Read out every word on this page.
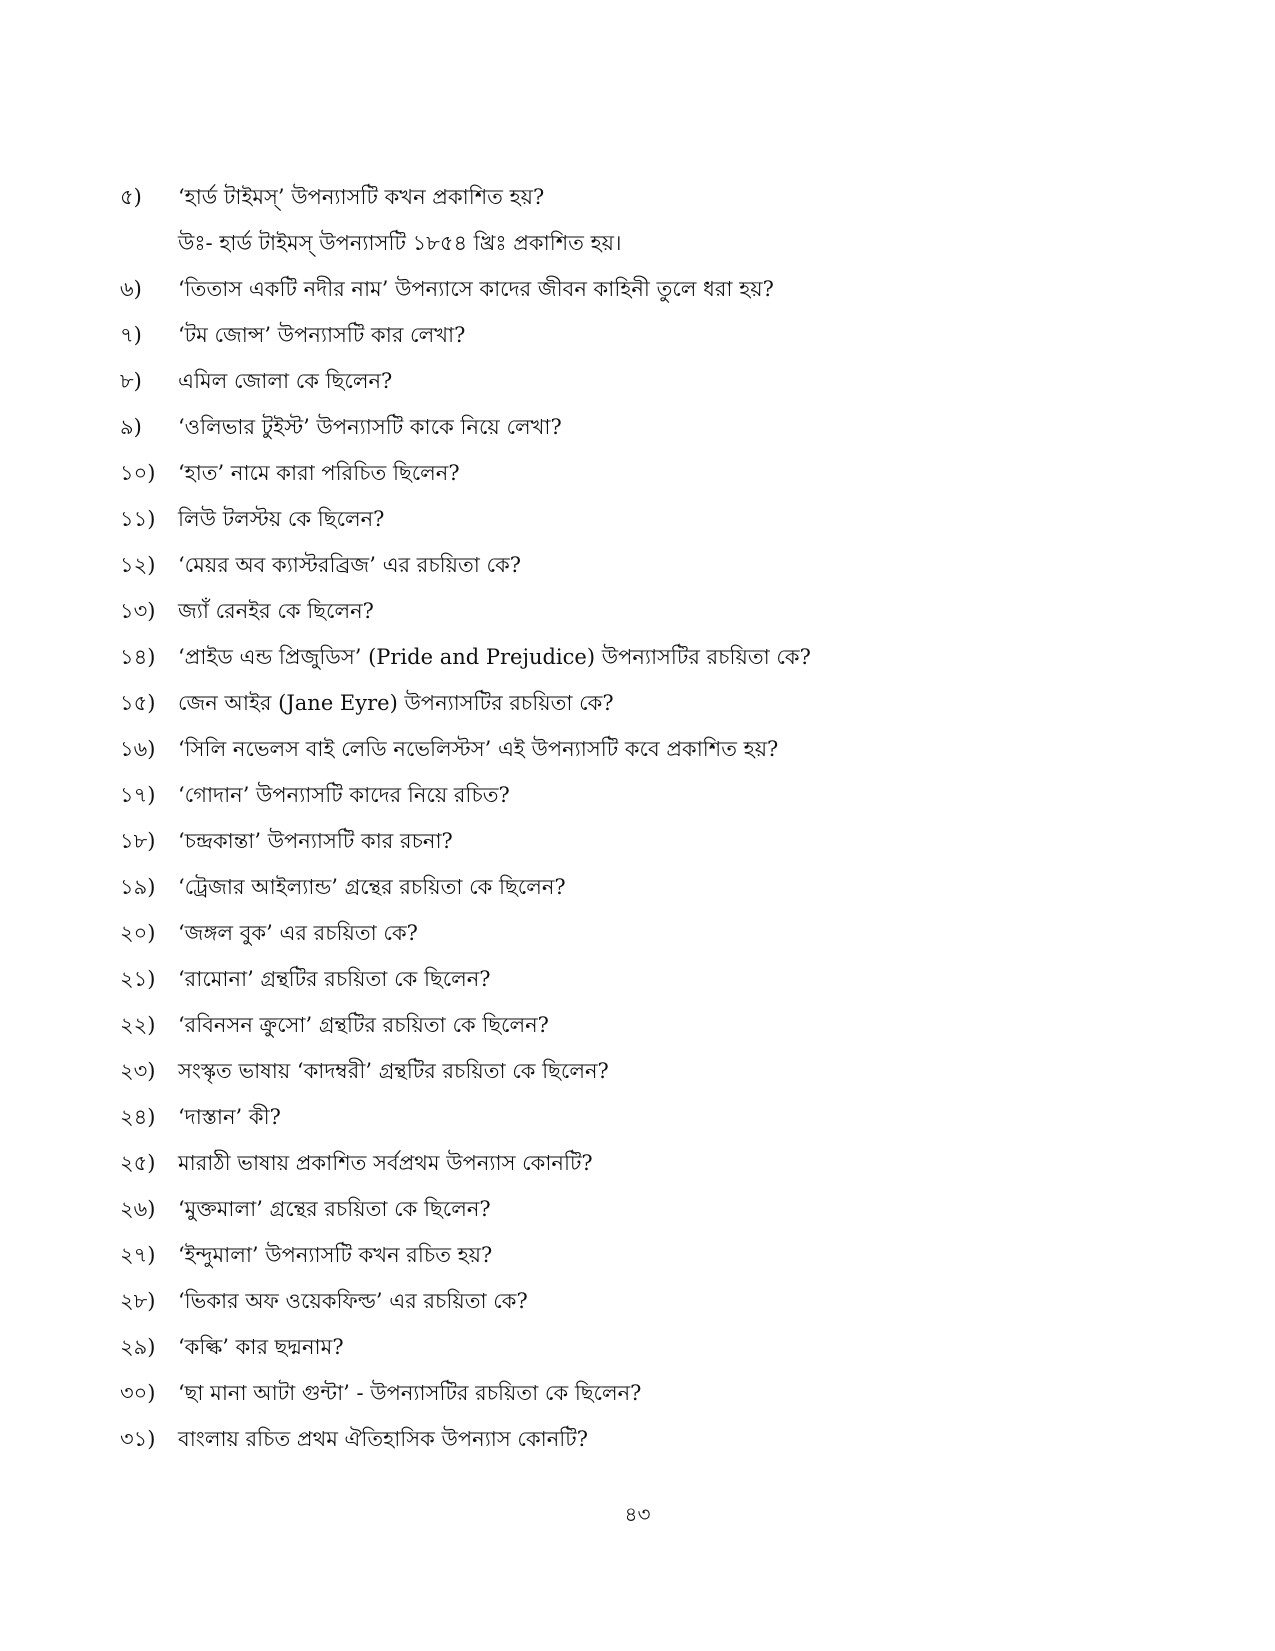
৫)	‘হার্ড টাইমস্’ উপন্যাসটি কখন প্রকাশিত হয়?
উঃ- হার্ড টাইমস্ উপন্যাসটি ১৮৫৪ খ্রিঃ প্রকাশিত হয়।
৬)	‘তিতাস একটি নদীর নাম’ উপন্যাসে কাদের জীবন কাহিনী তুলে ধরা হয়?
৭)	‘টম জোন্স’ উপন্যাসটি কার লেখা?
৮)	এমিল জোলা কে ছিলেন?
৯)	‘ওলিভার টুইস্ট’ উপন্যাসটি কাকে নিয়ে লেখা?
১০)	‘হাত’ নামে কারা পরিচিত ছিলেন?
১১)	লিউ টলস্টয় কে ছিলেন?
১২)	‘মেয়র অব ক্যাস্টরব্রিজ’ এর রচয়িতা কে?
১৩)	জ্যাঁ রেনইর কে ছিলেন?
১৪)	‘প্রাইড এন্ড প্রিজুডিস’ (Pride and Prejudice) উপন্যাসটির রচয়িতা কে?
১৫)	জেন আইর (Jane Eyre) উপন্যাসটির রচয়িতা কে?
১৬)	‘সিলি নভেলস বাই লেডি নভেলিস্টস’ এই উপন্যাসটি কবে প্রকাশিত হয়?
১৭)	‘গোদান’ উপন্যাসটি কাদের নিয়ে রচিত?
১৮)	‘চন্দ্রকান্তা’ উপন্যাসটি কার রচনা?
১৯)	‘ট্রেজার আইল্যান্ড’ গ্রন্থের রচয়িতা কে ছিলেন?
২০)	‘জঙ্গল বুক’ এর রচয়িতা কে?
২১)	‘রামোনা’ গ্রন্থটির রচয়িতা কে ছিলেন?
২২)	‘রবিনসন ক্রুসো’ গ্রন্থটির রচয়িতা কে ছিলেন?
২৩)	সংস্কৃত ভাষায় ‘কাদম্বরী’ গ্রন্থটির রচয়িতা কে ছিলেন?
২৪)	‘দাস্তান’ কী?
২৫)	মারাঠী ভাষায় প্রকাশিত সর্বপ্রথম উপন্যাস কোনটি?
২৬)	‘মুক্তমালা’ গ্রন্থের রচয়িতা কে ছিলেন?
২৭)	‘ইন্দুমালা’ উপন্যাসটি কখন রচিত হয়?
২৮)	‘ভিকার অফ ওয়েকফিল্ড’ এর রচয়িতা কে?
২৯)	‘কল্কি’ কার ছদ্মনাম?
৩০)	‘ছা মানা আটা গুন্টা’ - উপন্যাসটির রচয়িতা কে ছিলেন?
৩১)	বাংলায় রচিত প্রথম ঐতিহাসিক উপন্যাস কোনটি?
৪৩
